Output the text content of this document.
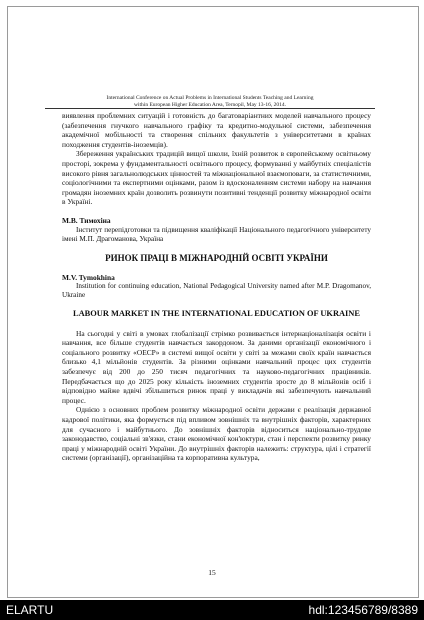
International Conference on Actual Problems in International Students Teaching and Learning
within European Higher Education Area, Ternopil, May 13-16, 2014.

виявлення проблемних ситуацій і готовність до багатоваріантних моделей навчального процесу (забезпечення гнучкого навчального графіку та кредитно-модульної системи, забезпечення академічної мобільності та створення спільних факультетів з університетами в країнах походження студентів-іноземців).

Збереження українських традицій вищої школи, їхній розвиток в європейському освітньому просторі, зокрема у фундаментальності освітнього процесу, формуванні у майбутніх спеціалістів високого рівня загальнолюдських цінностей та міжнаціональної взаємоповаги, за статистичними, соціологічними та експертними оцінками, разом із вдосконаленням системи набору на навчання громадян іноземних країн дозволить розвинути позитивні тенденції розвитку міжнародної освіти в Україні.

М.В. Тимохіна

Інститут перепідготовки та підвищення кваліфікації Національного педагогічного університету імені М.П. Драгоманова, Україна

РИНОК ПРАЦІ В МІЖНАРОДНІЙ ОСВІТІ УКРАЇНИ

M.V. Tymokhina

Institution for continuing education, National Pedagogical University named after M.P. Dragomanov, Ukraine

LABOUR MARKET IN THE INTERNATIONAL EDUCATION OF UKRAINE

На сьогодні у світі в умовах глобалізації стрімко розвивається інтернаціоналізація освіти і навчання, все більше студентів навчається закордоном. За даними організації економічного і соціального розвитку «OECP» в системі вищої освіти у світі за межами своїх країн навчається близько 4,1 мільйонів студентів. За різними оцінками навчальний процес цих студентів забезпечує від 200 до 250 тисяч педагогічних та науково-педагогічних працівників. Передбачається що до 2025 року кількість іноземних студентів зросте до 8 мільйонів осіб і відповідно майже вдвічі збільшиться ринок праці у викладачів які забезпечують навчальний процес.

Однією з основних проблем розвитку міжнародної освіти держави є реалізація державної кадрової політики, яка формується під впливом зовнішніх та внутрішніх факторів, характерних для сучасного і майбутнього. До зовнішніх факторів відноситься національно-трудове законодавство, соціальні зв'язки, стани економічної кон'юктури, стан і перспекти розвитку ринку праці у міжнародній освіті України. До внутрішніх факторів належить: структура, цілі і стратегії системи (організації), організаційна та корпоративна культура,

15
ELARTU	hdl:123456789/8389
